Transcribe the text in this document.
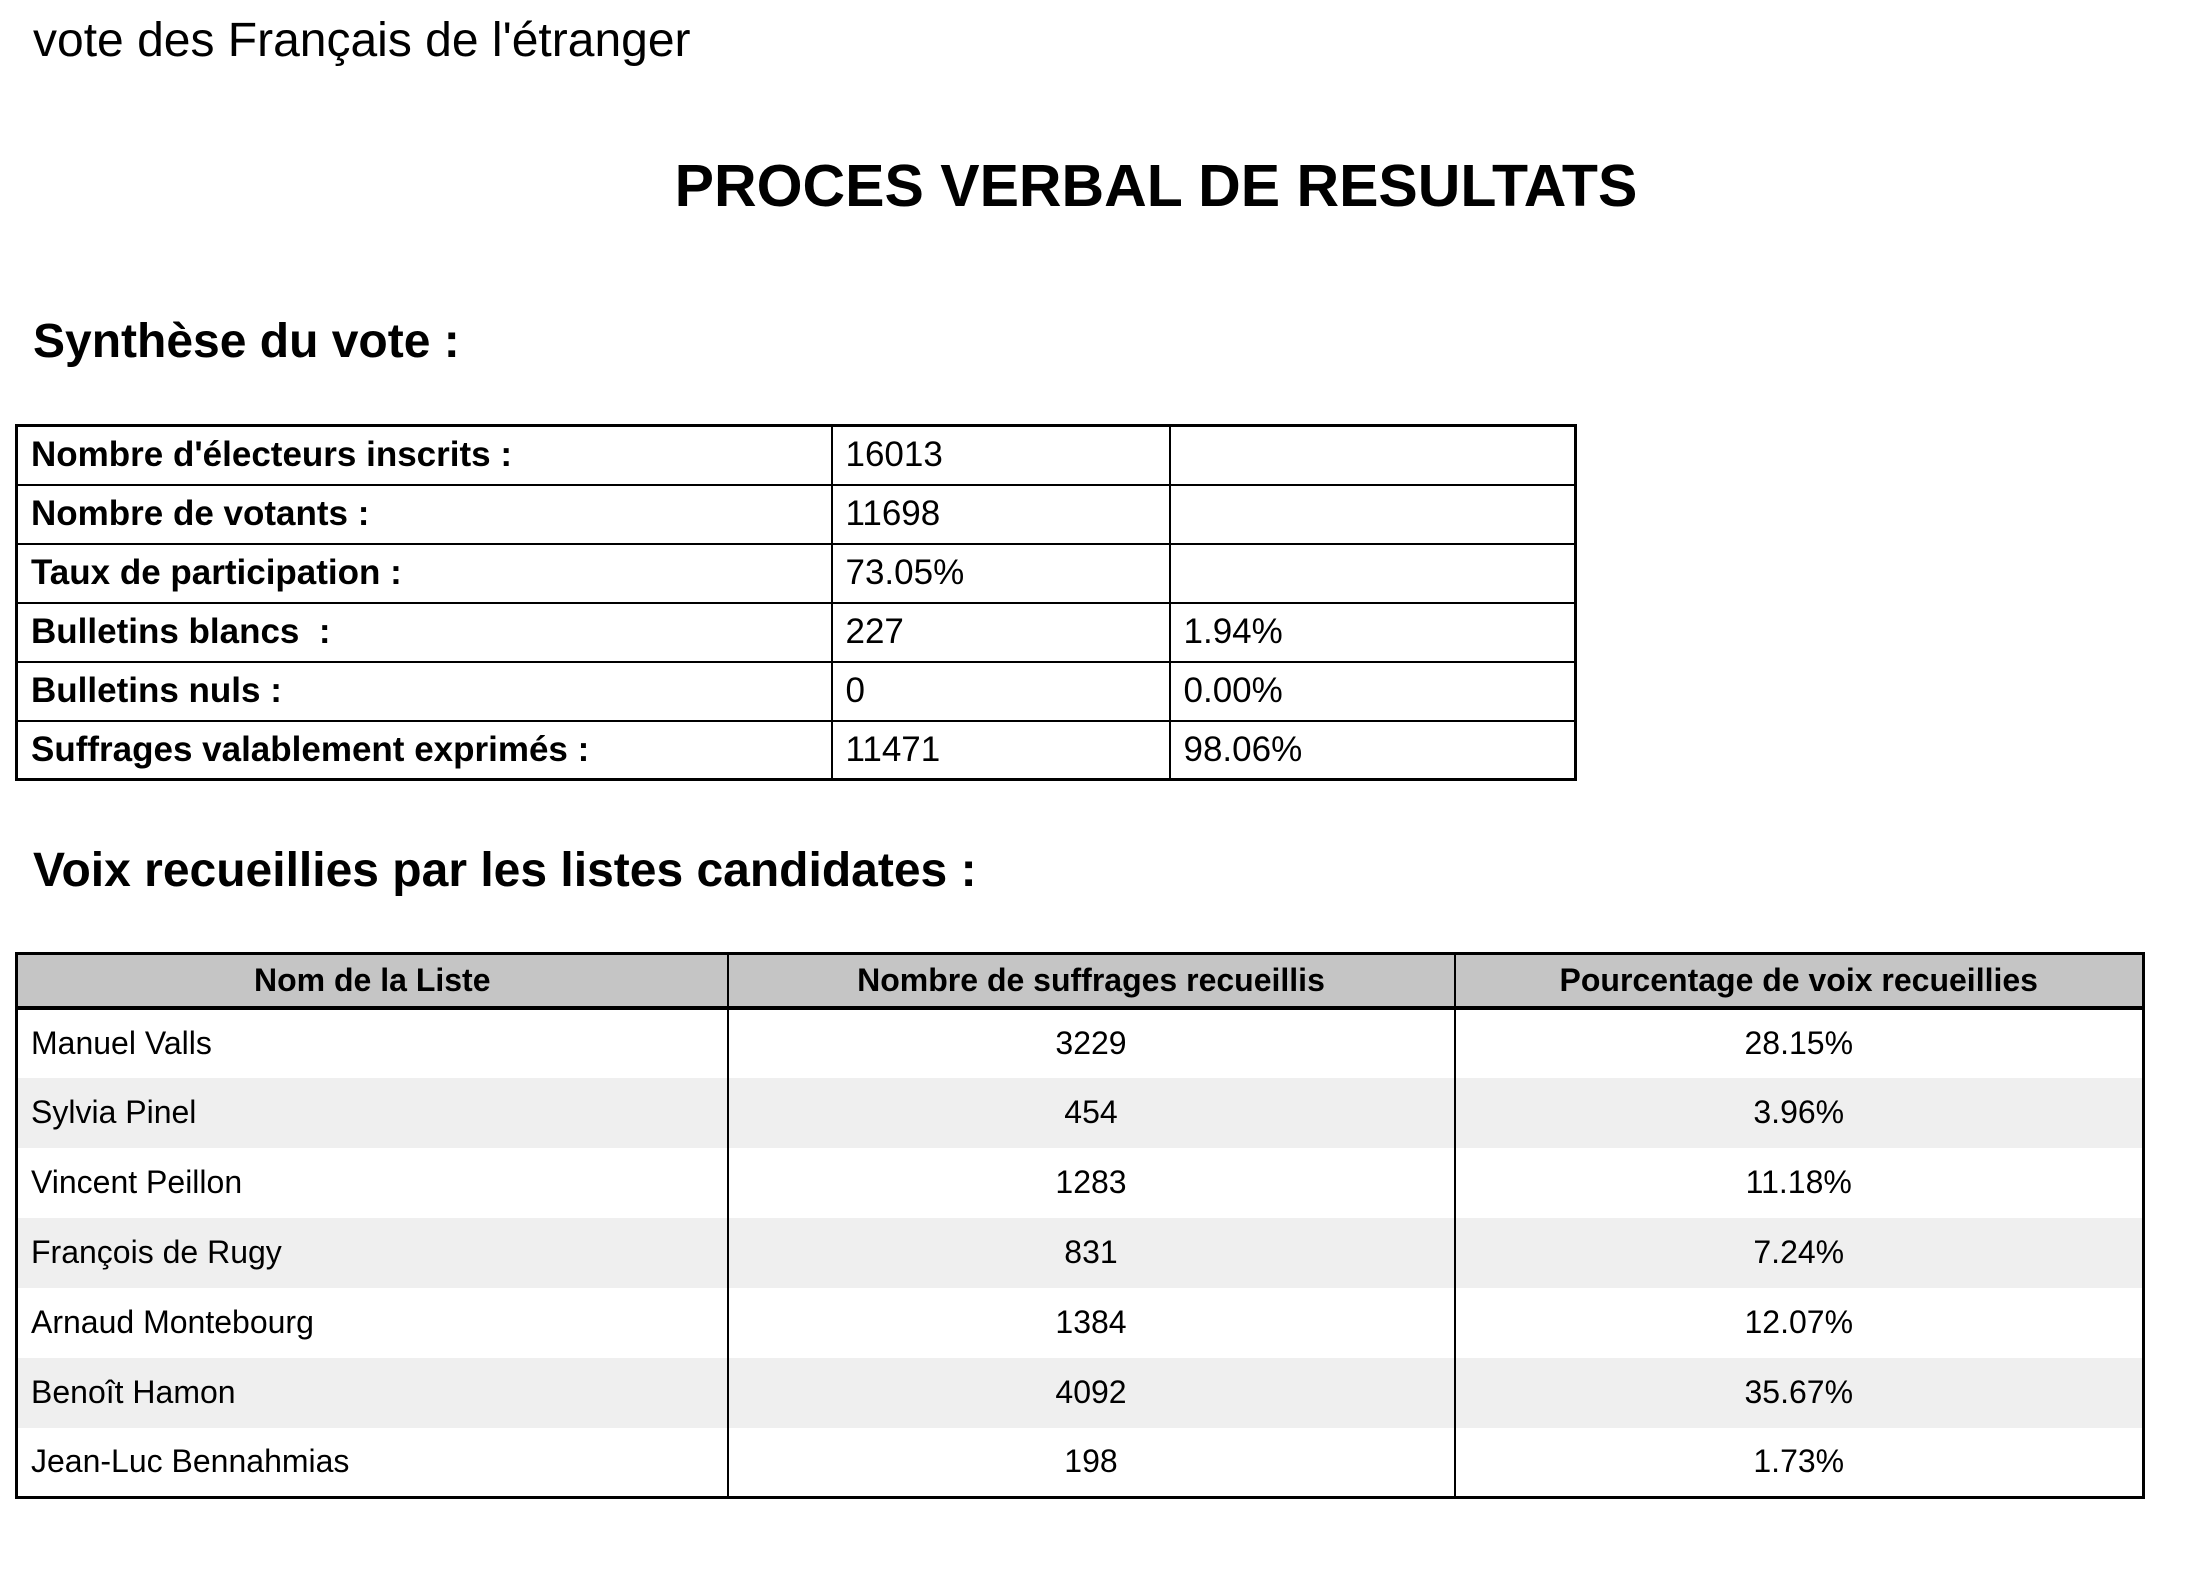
vote des Français de l'étranger
PROCES VERBAL DE RESULTATS
Synthèse du vote :
Nombre d'électeurs inscrits :	16013	
Nombre de votants :	11698	
Taux de participation :	73.05%	
Bulletins blancs  :	227	1.94%
Bulletins nuls :	0	0.00%
Suffrages valablement exprimés :	11471	98.06%
Voix recueillies par les listes candidates :
Nom de la Liste	Nombre de suffrages recueillis	Pourcentage de voix recueillies
Manuel Valls	3229	28.15%
Sylvia Pinel	454	3.96%
Vincent Peillon	1283	11.18%
François de Rugy	831	7.24%
Arnaud Montebourg	1384	12.07%
Benoît Hamon	4092	35.67%
Jean-Luc Bennahmias	198	1.73%
